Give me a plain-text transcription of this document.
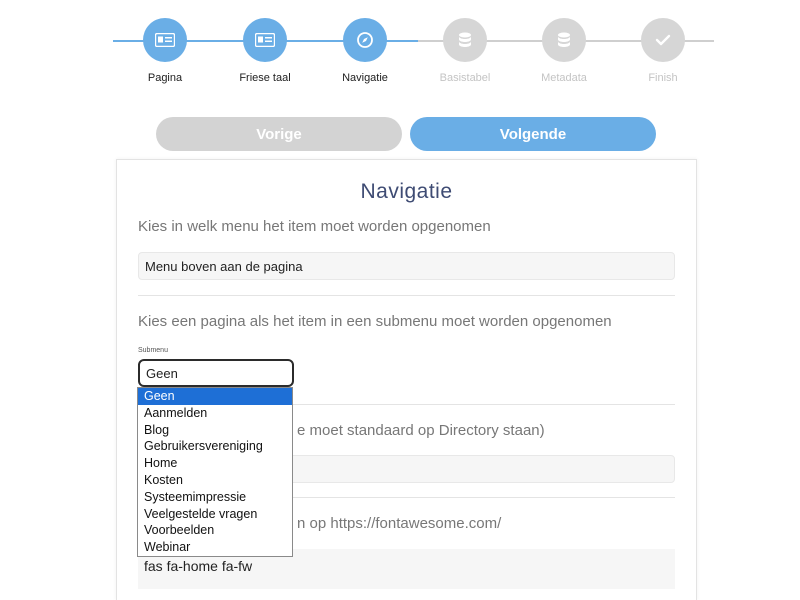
Pagina	Friese taal	Navigatie	Basistabel	Metadata	Finish
Vorige	Volgende
Navigatie
Kies in welk menu het item moet worden opgenomen
Menu boven aan de pagina
Kies een pagina als het item in een submenu moet worden opgenomen
Submenu
Geen
e moet standaard op Directory staan)
n op https://fontawesome.com/
fas fa-home fa-fw
Geen
Aanmelden
Blog
Gebruikersvereniging
Home
Kosten
Systeemimpressie
Veelgestelde vragen
Voorbeelden
Webinar
